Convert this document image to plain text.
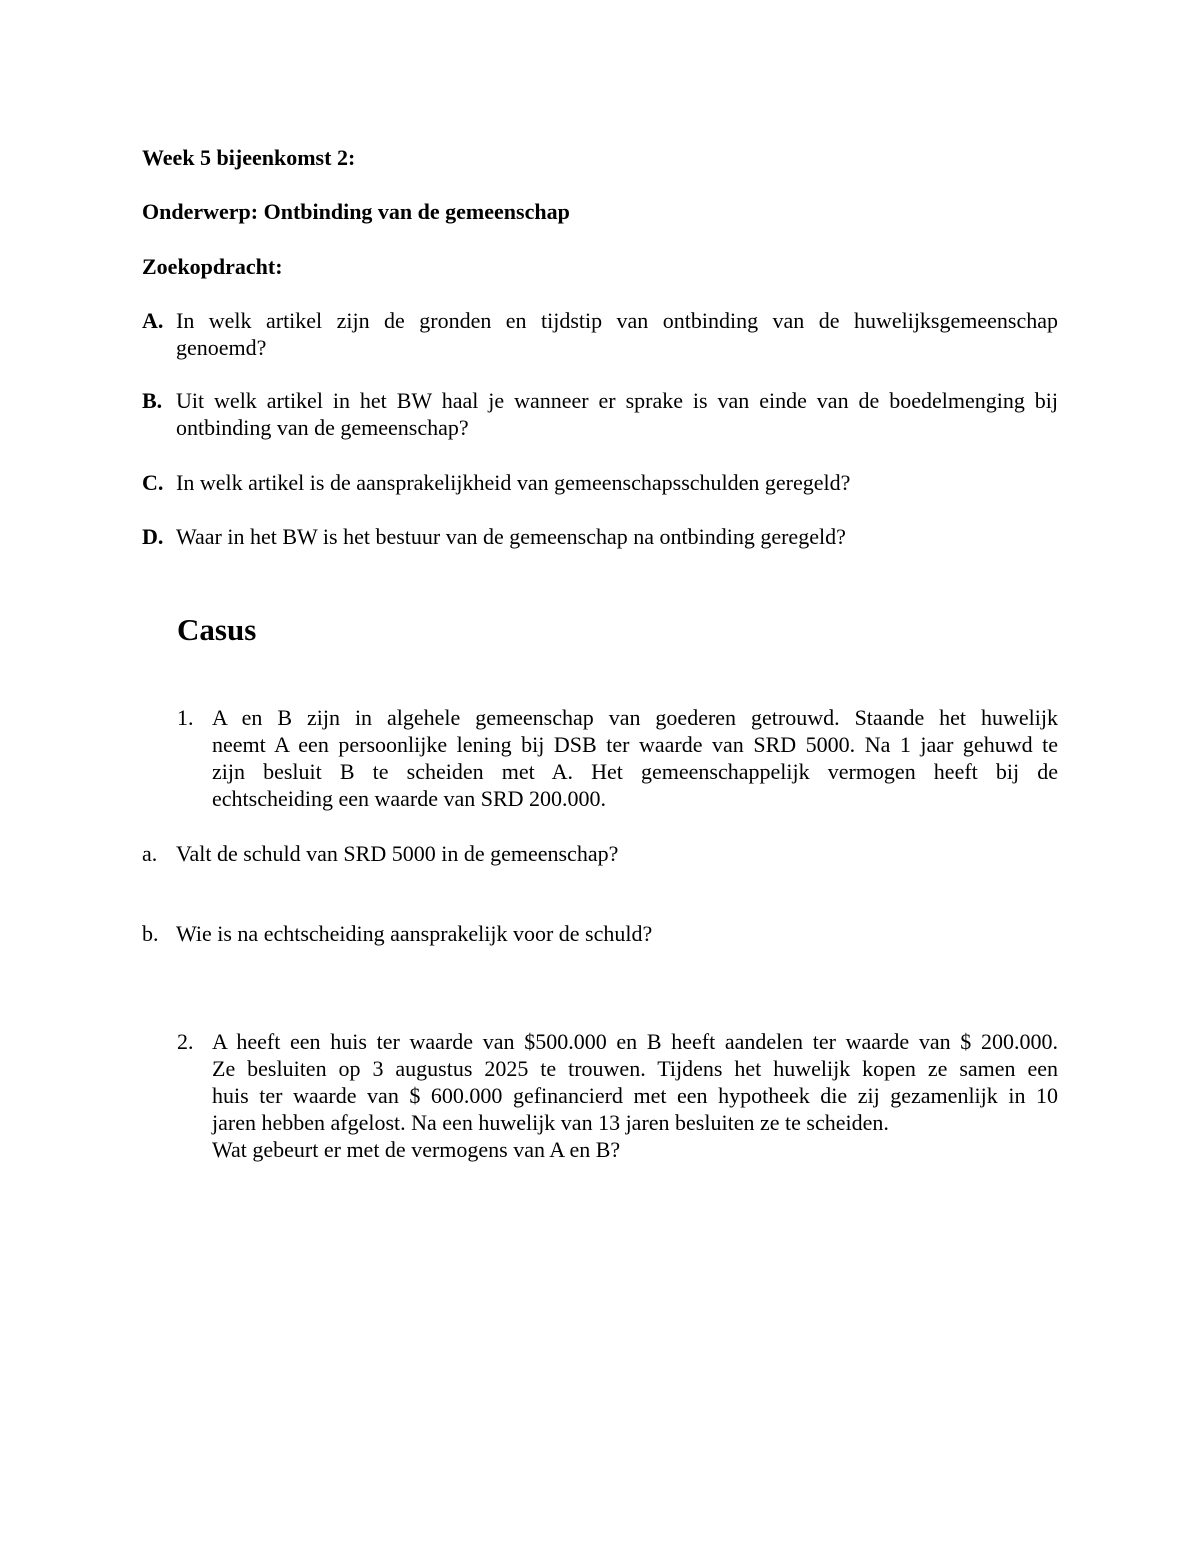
Week 5 bijeenkomst 2:
Onderwerp: Ontbinding van de gemeenschap
Zoekopdracht:
A. In welk artikel zijn de gronden en tijdstip van ontbinding van de huwelijksgemeenschap
genoemd?
B. Uit welk artikel in het BW haal je wanneer er sprake is van einde van de boedelmenging bij
ontbinding van de gemeenschap?
C. In welk artikel is de aansprakelijkheid van gemeenschapsschulden geregeld?
D. Waar in het BW is het bestuur van de gemeenschap na ontbinding geregeld?
Casus
1. A en B zijn in algehele gemeenschap van goederen getrouwd. Staande het huwelijk
neemt A een persoonlijke lening bij DSB ter waarde van SRD 5000. Na 1 jaar gehuwd te
zijn besluit B te scheiden met A. Het gemeenschappelijk vermogen heeft bij de
echtscheiding een waarde van SRD 200.000.
a. Valt de schuld van SRD 5000 in de gemeenschap?
b. Wie is na echtscheiding aansprakelijk voor de schuld?
2. A heeft een huis ter waarde van $500.000 en B heeft aandelen ter waarde van $ 200.000.
Ze besluiten op 3 augustus 2025 te trouwen. Tijdens het huwelijk kopen ze samen een
huis ter waarde van $ 600.000 gefinancierd met een hypotheek die zij gezamenlijk in 10
jaren hebben afgelost. Na een huwelijk van 13 jaren besluiten ze te scheiden.
Wat gebeurt er met de vermogens van A en B?
